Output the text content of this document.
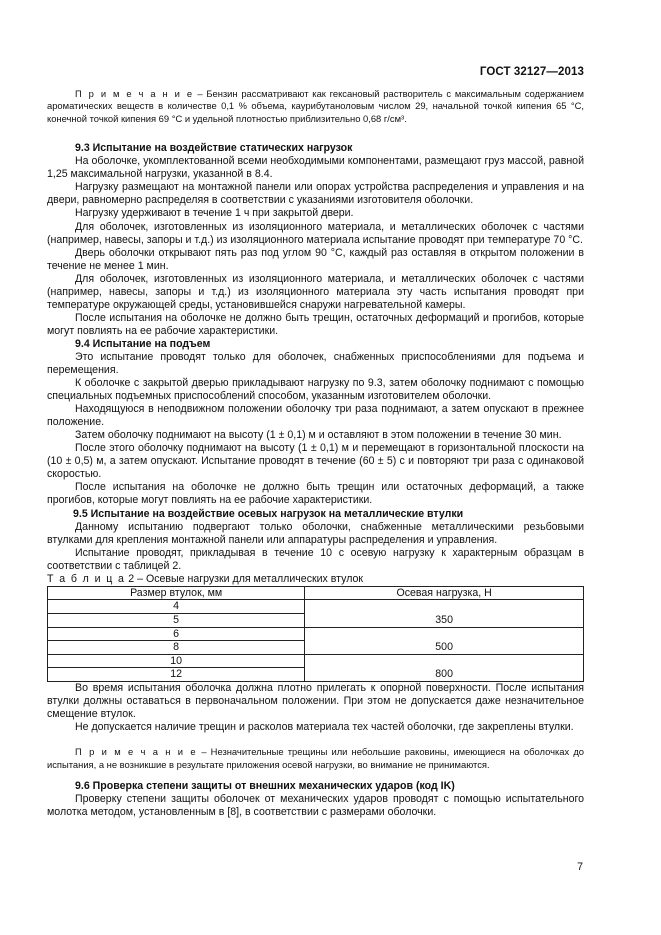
ГОСТ 32127—2013

П р и м е ч а н и е – Бензин рассматривают как гексановый растворитель с максимальным содержанием ароматических веществ в количестве 0,1 % объема, каурибутаноловым числом 29, начальной точкой кипения 65 °С, конечной точкой кипения 69 °С и удельной плотностью приблизительно 0,68 г/см³.

9.3 Испытание на воздействие статических нагрузок

На оболочке, укомплектованной всеми необходимыми компонентами, размещают груз массой, равной 1,25 максимальной нагрузки, указанной в 8.4.

Нагрузку размещают на монтажной панели или опорах устройства распределения и управления и на двери, равномерно распределяя в соответствии с указаниями изготовителя оболочки.

Нагрузку удерживают в течение 1 ч при закрытой двери.

Для оболочек, изготовленных из изоляционного материала, и металлических оболочек с частями (например, навесы, запоры и т.д.) из изоляционного материала испытание проводят при температуре 70 °С.

Дверь оболочки открывают пять раз под углом 90 °С, каждый раз оставляя в открытом положении в течение не менее 1 мин.

Для оболочек, изготовленных из изоляционного материала, и металлических оболочек с частями (например, навесы, запоры и т.д.) из изоляционного материала эту часть испытания проводят при температуре окружающей среды, установившейся снаружи нагревательной камеры.

После испытания на оболочке не должно быть трещин, остаточных деформаций и прогибов, которые могут повлиять на ее рабочие характеристики.

9.4 Испытание на подъем

Это испытание проводят только для оболочек, снабженных приспособлениями для подъема и перемещения.

К оболочке с закрытой дверью прикладывают нагрузку по 9.3, затем оболочку поднимают с помощью специальных подъемных приспособлений способом, указанным изготовителем оболочки.

Находящуюся в неподвижном положении оболочку три раза поднимают, а затем опускают в прежнее положение.

Затем оболочку поднимают на высоту (1 ± 0,1) м и оставляют в этом положении в течение 30 мин.

После этого оболочку поднимают на высоту (1 ± 0,1) м и перемещают в горизонтальной плоскости на (10 ± 0,5) м, а затем опускают. Испытание проводят в течение (60 ± 5) с и повторяют три раза с одинаковой скоростью.

После испытания на оболочке не должно быть трещин или остаточных деформаций, а также прогибов, которые могут повлиять на ее рабочие характеристики.

9.5 Испытание на воздействие осевых нагрузок на металлические втулки

Данному испытанию подвергают только оболочки, снабженные металлическими резьбовыми втулками для крепления монтажной панели или аппаратуры распределения и управления.

Испытание проводят, прикладывая в течение 10 с осевую нагрузку к характерным образцам в соответствии с таблицей 2.

Т а б л и ц а 2 – Осевые нагрузки для металлических втулок

Размер втулок, мм	Осевая нагрузка, Н
4	350
5	
6	500
8	
10	800
12	

Во время испытания оболочка должна плотно прилегать к опорной поверхности. После испытания втулки должны оставаться в первоначальном положении. При этом не допускается даже незначительное смещение втулок.

Не допускается наличие трещин и расколов материала тех частей оболочки, где закреплены втулки.

П р и м е ч а н и е – Незначительные трещины или небольшие раковины, имеющиеся на оболочках до испытания, а не возникшие в результате приложения осевой нагрузки, во внимание не принимаются.

9.6 Проверка степени защиты от внешних механических ударов (код IK)

Проверку степени защиты оболочек от механических ударов проводят с помощью испытательного молотка методом, установленным в [8], в соответствии с размерами оболочки.

7
